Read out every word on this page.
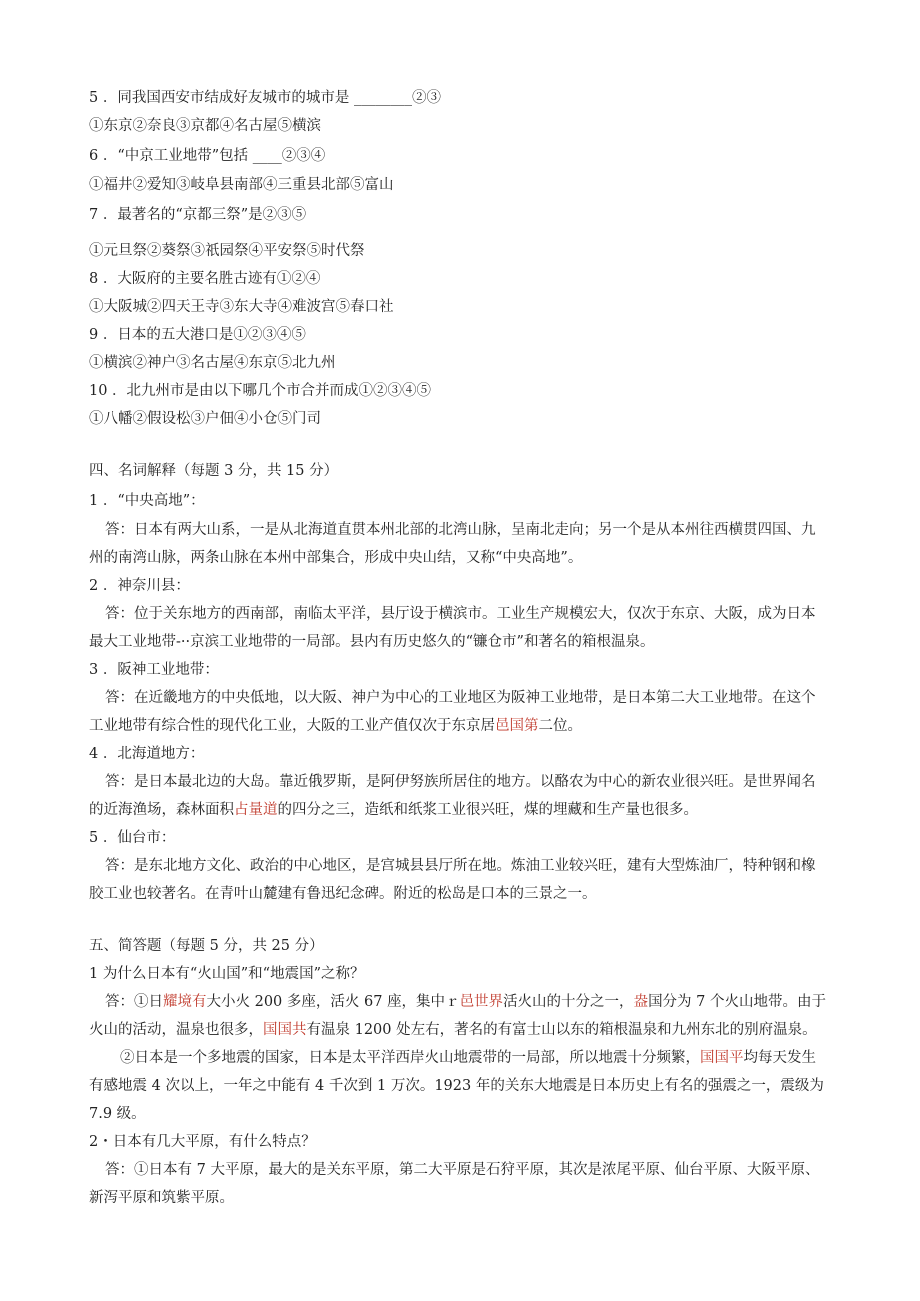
5 ．同我国西安市结成好友城市的城市是 ________②③
①东京②奈良③京都④名古屋⑤横滨
6 ．“中京工业地带”包括 ____②③④
①福井②爱知③岐阜县南部④三重县北部⑤富山
7 ．最著名的“京都三祭”是②③⑤
①元旦祭②葵祭③祇园祭④平安祭⑤时代祭
8 ．大阪府的主要名胜古迹有①②④
①大阪城②四天王寺③东大寺④难波宫⑤春口社
9 ．日本的五大港口是①②③④⑤
①横滨②神户③名古屋④东京⑤北九州
10 ．北九州市是由以下哪几个市合并而成①②③④⑤
①八幡②假设松③户佃④小仓⑤门司
四、名词解释（每题 3 分，共 15 分）
1 ．“中央高地”：
答：日本有两大山系，一是从北海道直贯本州北部的北湾山脉，呈南北走向；另一个是从本州往西横贯四国、九
州的南湾山脉，两条山脉在本州中部集合，形成中央山结，又称“中央高地”。
2 ．神奈川县：
答：位于关东地方的西南部，南临太平洋，县厅设于横滨市。工业生产规模宏大，仅次于东京、大阪，成为日本
最大工业地带-··京滨工业地带的一局部。县内有历史悠久的“镰仓市”和著名的箱根温泉。
3 ．阪神工业地带：
答：在近畿地方的中央低地，以大阪、神户为中心的工业地区为阪神工业地带，是日本第二大工业地带。在这个
工业地带有综合性的现代化工业，大阪的工业产值仅次于东京居邑国第二位。
4 ．北海道地方：
答：是日本最北边的大岛。靠近俄罗斯，是阿伊努族所居住的地方。以酪农为中心的新农业很兴旺。是世界闻名
的近海渔场，森林面积占量道的四分之三，造纸和纸浆工业很兴旺，煤的埋藏和生产量也很多。
5 ．仙台市：
答：是东北地方文化、政治的中心地区，是宫城县县厅所在地。炼油工业较兴旺，建有大型炼油厂，特种钢和橡
胶工业也较著名。在青叶山麓建有鲁迅纪念碑。附近的松岛是口本的三景之一。
五、简答题（每题 5 分，共 25 分）
1 为什么日本有“火山国”和“地震国”之称？
答：①日耀境有大小火 200 多座，活火 67 座，集中ｒ邑世界活火山的十分之一，盎国分为 7 个火山地带。由于
火山的活动，温泉也很多，国国共有温泉 1200 处左右，著名的有富士山以东的箱根温泉和九州东北的别府温泉。
②日本是一个多地震的国家，日本是太平洋西岸火山地震带的一局部，所以地震十分频繁，国国平均每天发生
有感地震 4 次以上，一年之中能有 4 千次到 1 万次。1923 年的关东大地震是日本历史上有名的强震之一，震级为
7.9 级。
2・日本有几大平原，有什么特点？
答：①日本有 7 大平原，最大的是关东平原，第二大平原是石狩平原，其次是浓尾平原、仙台平原、大阪平原、
新泻平原和筑紫平原。
